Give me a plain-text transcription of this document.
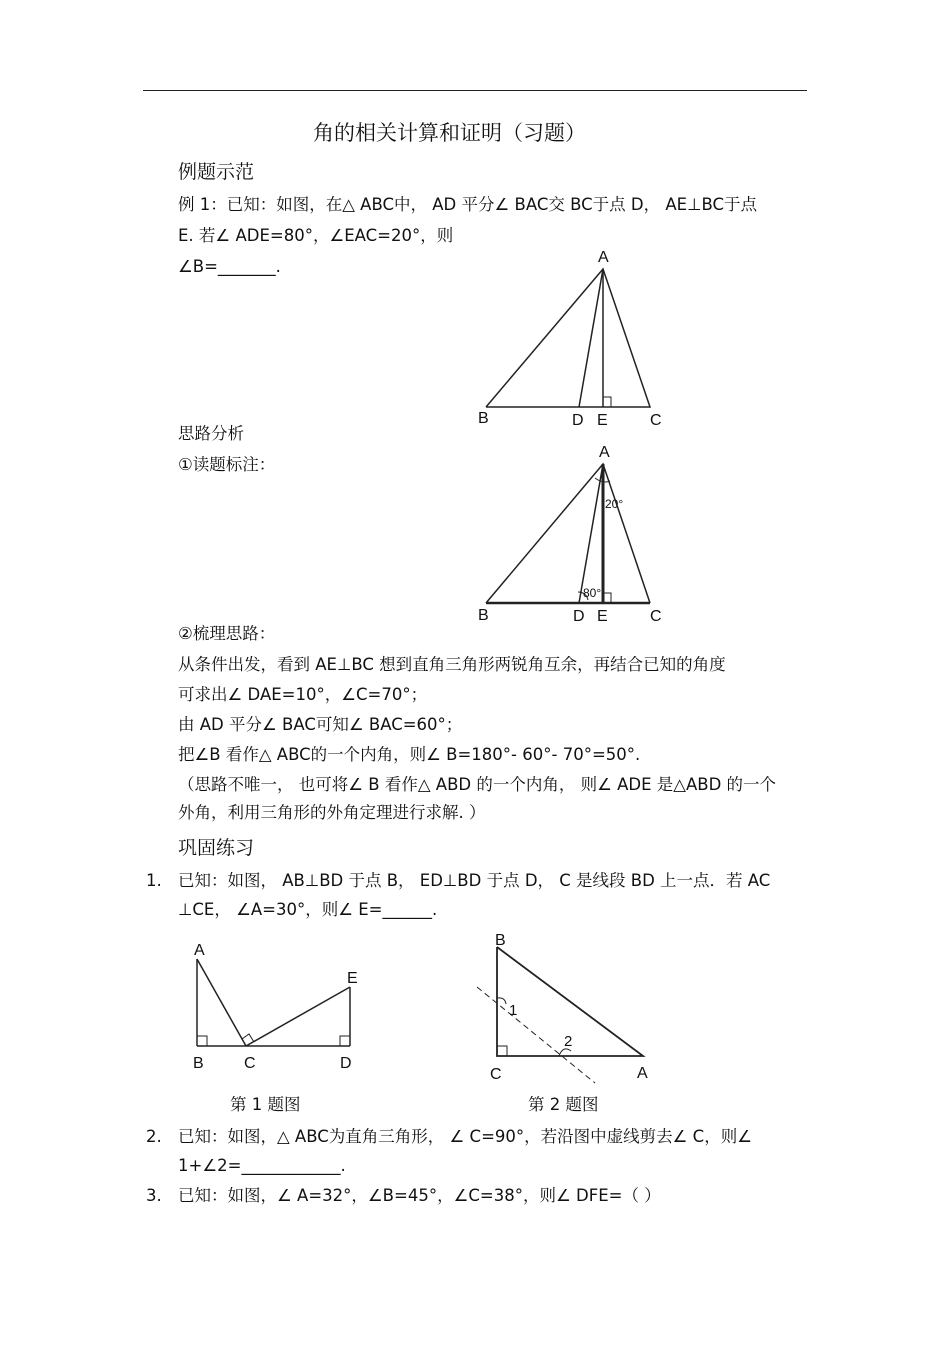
角的相关计算和证明（习题）
例题示范
例 1：已知：如图，在△ ABC中， AD 平分∠ BAC交 BC于点 D， AE⊥BC于点
E. 若∠ ADE=80°，∠EAC=20°，则
∠B=_______.	A
B	D E	C
思路分析
①读题标注：
A
20°
80°
B	D E	C
②梳理思路：
从条件出发，看到 AE⊥BC 想到直角三角形两锐角互余，再结合已知的角度
可求出∠ DAE=10°，∠C=70°；
由 AD 平分∠ BAC可知∠ BAC=60°；
把∠B 看作△ ABC的一个内角，则∠ B=180°- 60°- 70°=50°.
（思路不唯一， 也可将∠ B 看作△ ABD 的一个内角， 则∠ ADE 是△ABD 的一个
外角，利用三角形的外角定理进行求解. ）
巩固练习
1. 已知：如图， AB⊥BD 于点 B， ED⊥BD 于点 D， C 是线段 BD 上一点．若 AC
⊥CE， ∠A=30°，则∠ E=______.
A
E
B	C	D
第 1 题图
B
1
2
C	A
第 2 题图
2. 已知：如图，△ ABC为直角三角形， ∠ C=90°，若沿图中虚线剪去∠ C，则∠
1+∠2=____________.
3. 已知：如图，∠ A=32°，∠B=45°，∠C=38°，则∠ DFE=（ ）
